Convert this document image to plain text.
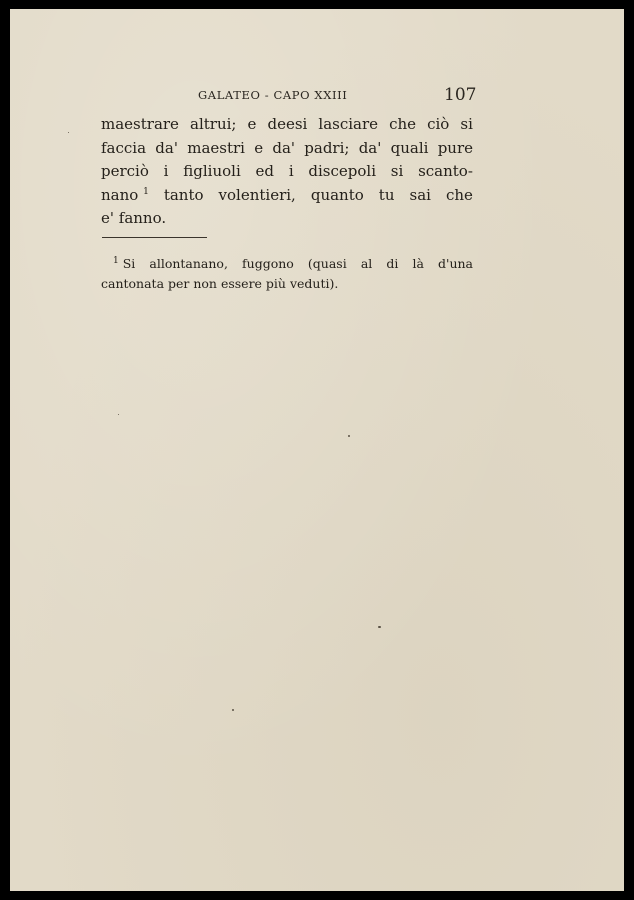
GALATEO - CAPO XXIII	107
maestrare altrui; e deesi lasciare che ciò si
faccia da' maestri e da' padri; da' quali pure
perciò i figliuoli ed i discepoli si scanto-
nano $^1$ tanto volentieri, quanto tu sai che
e' fanno.
$^1$ Si allontanano, fuggono (quasi al di là d'una
cantonata per non essere più veduti).
